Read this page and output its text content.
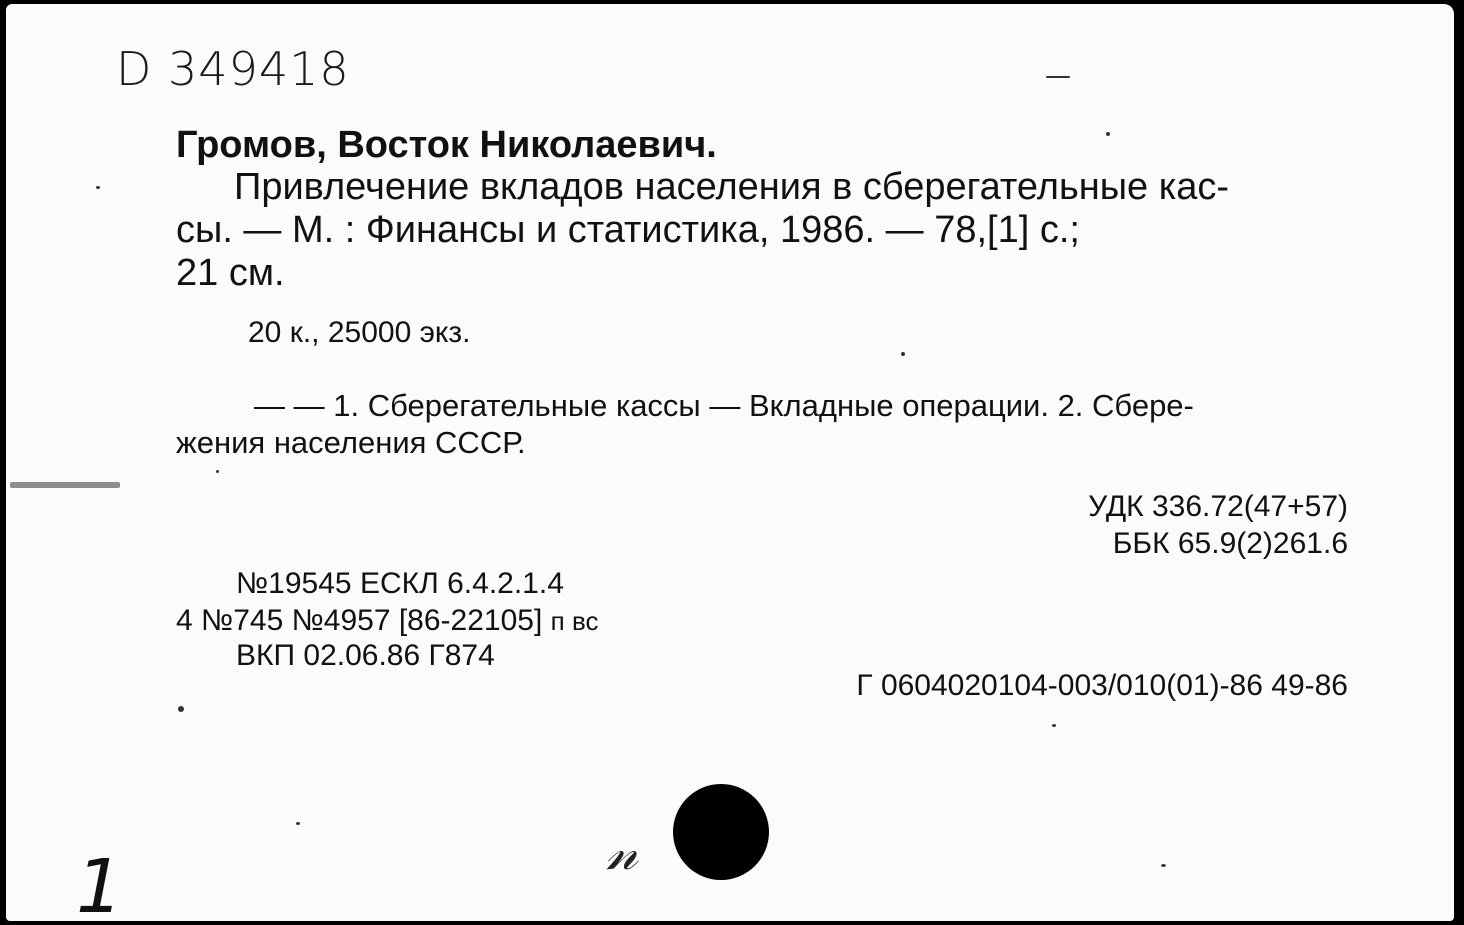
D 349418
Громов, Восток Николаевич.

Привлечение вкладов населения в сберегательные кас-

сы. — М. : Финансы и статистика, 1986. — 78,[1] с.;

21 см.

20 к., 25000 экз.

— — 1. Сберегательные кассы — Вкладные операции. 2. Сбере-

жения населения СССР.

УДК 336.72(47+57)
ББК 65.9(2)261.6
№19545 ЕСКЛ 6.4.2.1.4
4 №745 №4957 [86-22105] п вс
ВКП 02.06.86 Г874
Г 0604020104-003/010(01)-86 49-86
𝓃
1
